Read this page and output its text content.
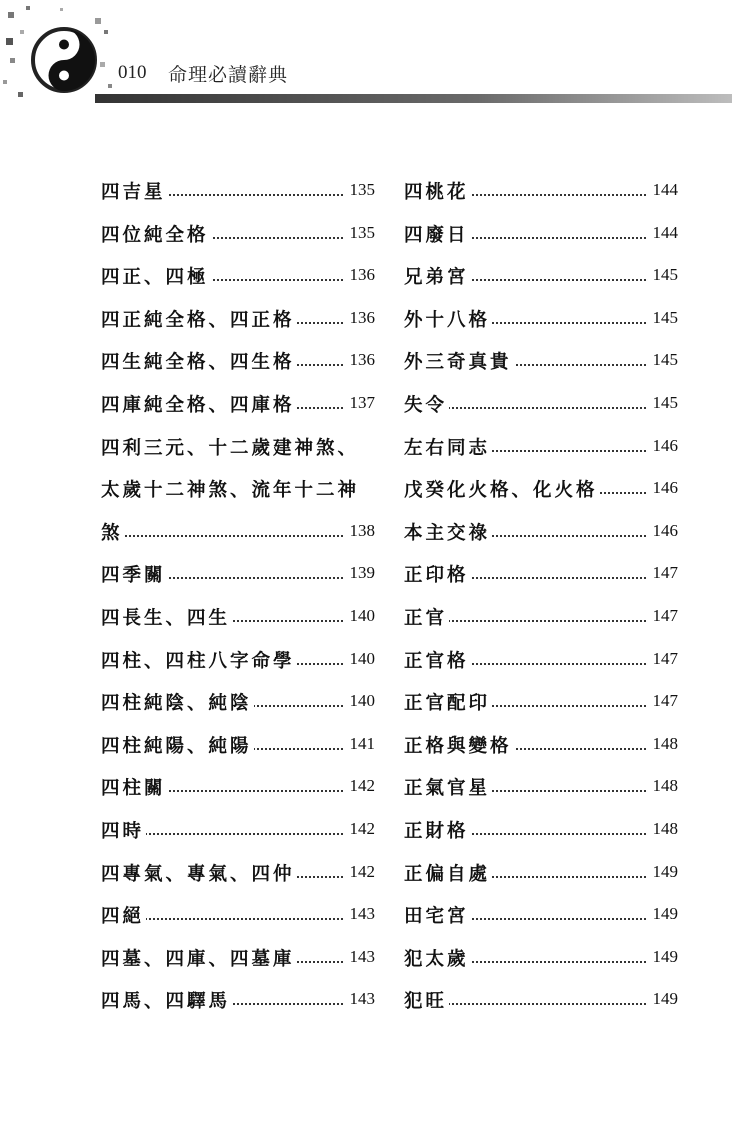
010 命理必讀辭典
四吉星	135
四位純全格	135
四正、四極	136
四正純全格、四正格	136
四生純全格、四生格	136
四庫純全格、四庫格	137
四利三元、十二歲建神煞、
太歲十二神煞、流年十二神
煞	138
四季關	139
四長生、四生	140
四柱、四柱八字命學	140
四柱純陰、純陰	140
四柱純陽、純陽	141
四柱關	142
四時	142
四專氣、專氣、四仲	142
四絕	143
四墓、四庫、四墓庫	143
四馬、四驛馬	143
四桃花	144
四廢日	144
兄弟宮	145
外十八格	145
外三奇真貴	145
失令	145
左右同志	146
戊癸化火格、化火格	146
本主交祿	146
正印格	147
正官	147
正官格	147
正官配印	147
正格與變格	148
正氣官星	148
正財格	148
正偏自處	149
田宅宮	149
犯太歲	149
犯旺	149
